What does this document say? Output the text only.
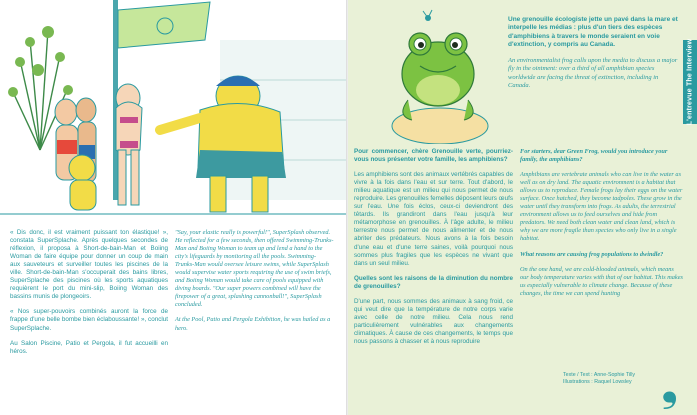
« Dis donc, il est vraiment puissant ton élastique! », constata SuperSplache. Après quelques secondes de réflexion, il proposa à Short-de-bain-Man et Boiing Woman de faire équipe pour donner un coup de main aux sauveteurs et surveiller toutes les piscines de la ville. Short-de-bain-Man s'occuperait des bains libres, SuperSplache des piscines où les sports aquatiques requièrent le port du mini-slip, Boiing Woman des bassins munis de plongeoirs.

« Nos super-pouvoirs combinés auront la force de frappe d'une belle bombe bien éclaboussante! », conclut SuperSplache.

Au Salon Piscine, Patio et Pergola, il fut accueilli en héros.

"Say, your elastic really is powerful!", SuperSplash observed. He reflected for a few seconds, then offered Swimming-Trunks-Man and Boiing Woman to team up and lend a hand to the city's lifeguards by monitoring all the pools. Swimming-Trunks-Man would oversee leisure swims, while SuperSplash would supervise water sports requiring the use of swim briefs, and Boiing Woman would take care of pools equipped with diving boards. "Our super powers combined will have the firepower of a great, splashing cannonball!", SuperSplash concluded.

At the Pool, Patio and Pergola Exhibition, he was hailed as a hero.

Une grenouille écologiste jette un pavé dans la mare et interpelle les médias : plus d'un tiers des espèces d'amphibiens à travers le monde seraient en voie d'extinction, y compris au Canada.

An environmentalist frog calls upon the media to discuss a major fly in the ointment: over a third of all amphibian species worldwide are facing the threat of extinction, including in Canada.	L'entrevue The Interview

Pour commencer, chère Grenouille verte, pourriez-vous nous présenter votre famille, les amphibiens?

Les amphibiens sont des animaux vertébrés capables de vivre à la fois dans l'eau et sur terre. Tout d'abord, le milieu aquatique est un milieu qui nous permet de nous reproduire. Les grenouilles femelles déposent leurs œufs sur l'eau. Une fois éclos, ceux-ci deviendront des têtards. Ils grandiront dans l'eau jusqu'à leur métamorphose en grenouilles. À l'âge adulte, le milieu terrestre nous permet de nous alimenter et de nous abriter des prédateurs. Nous avons à la fois besoin d'une eau et d'une terre saines, voilà pourquoi nous sommes plus fragiles que les espèces ne vivant que dans un seul milieu.

Quelles sont les raisons de la diminution du nombre de grenouilles?

D'une part, nous sommes des animaux à sang froid, ce qui veut dire que la température de notre corps varie avec celle de notre milieu. Cela nous rend particulièrement vulnérables aux changements climatiques. À cause de ces changements, le temps que nous passons à chasser et à nous reproduire

For starters, dear Green Frog, would you introduce your family, the amphibians?

Amphibians are vertebrate animals who can live in the water as well as on dry land. The aquatic environment is a habitat that allows us to reproduce. Female frogs lay their eggs on the water surface. Once hatched, they become tadpoles. These grow in the water until they transform into frogs. As adults, the terrestrial environment allows us to feed ourselves and hide from predators. We need both clean water and clean land, which is why we are more fragile than species who only live in a single habitat.

What reasons are causing frog populations to dwindle?

On the one hand, we are cold-blooded animals, which means our body temperature varies with that of our habitat. This makes us especially vulnerable to climate change. Because of these changes, the time we can spend hunting

Texte / Text : Anne-Sophie Tilly
Illustrations : Raquel Lowsley ❟
